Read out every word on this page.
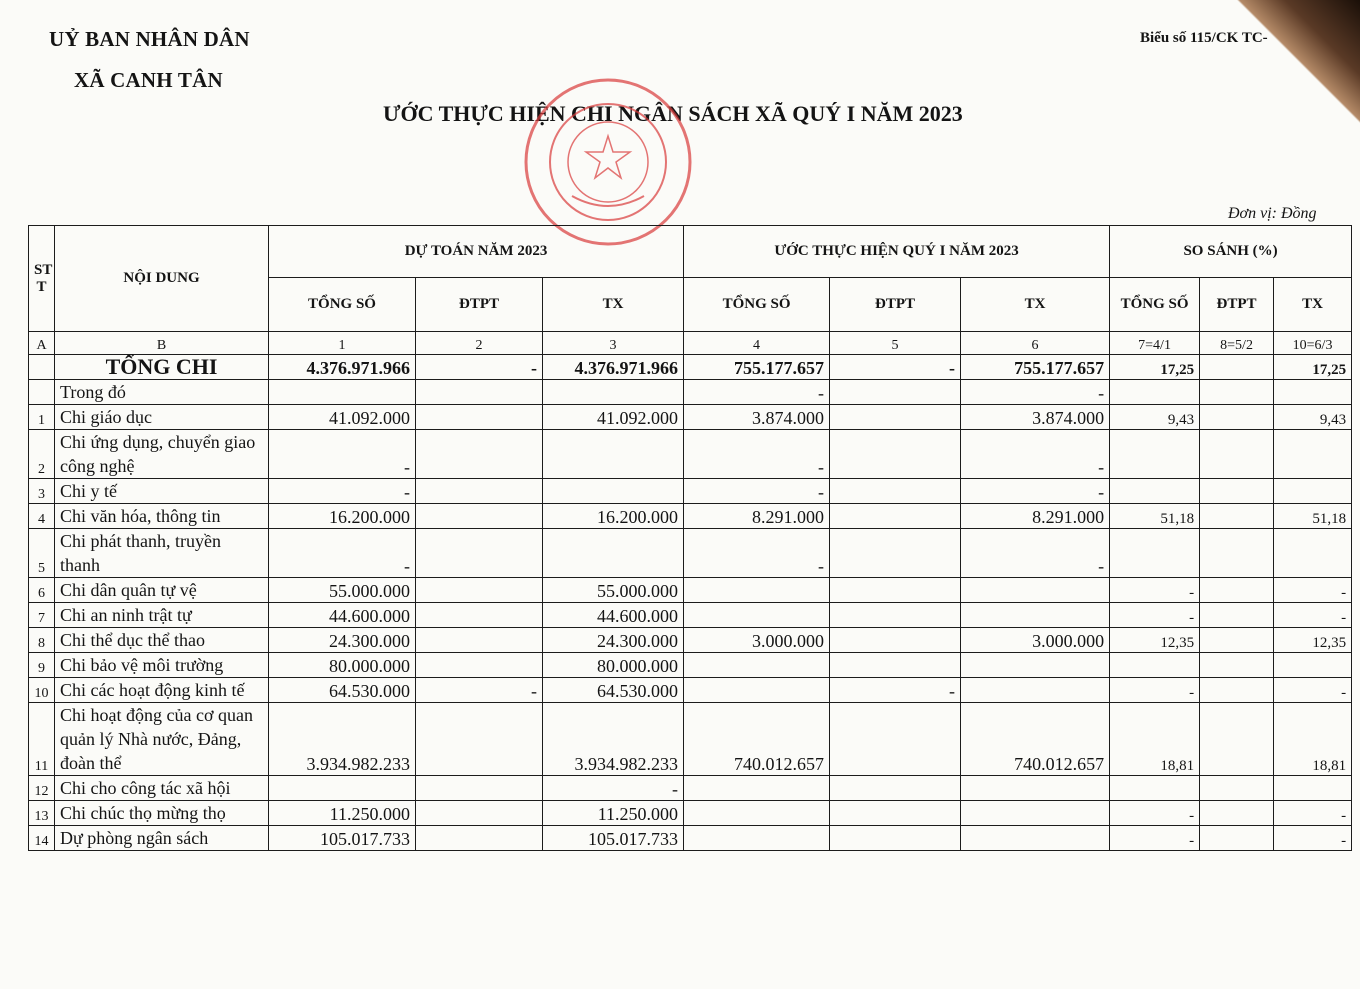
UỶ BAN NHÂN DÂN
XÃ CANH TÂN
Biểu số 115/CK TC-
ƯỚC THỰC HIỆN CHI NGÂN SÁCH XÃ QUÝ I NĂM 2023
Đơn vị: Đồng
ST T	NỘI DUNG	DỰ TOÁN NĂM 2023			ƯỚC THỰC HIỆN QUÝ I NĂM 2023			SO SÁNH (%)		
		TỔNG SỐ	ĐTPT	TX	TỔNG SỐ	ĐTPT	TX	TỔNG SỐ	ĐTPT	TX
A	B	1	2	3	4	5	6	7=4/1	8=5/2	10=6/3
	TỔNG CHI	4.376.971.966	-	4.376.971.966	755.177.657	-	755.177.657	17,25		17,25
	Trong đó				-		-			
1	Chi giáo dục	41.092.000		41.092.000	3.874.000		3.874.000	9,43		9,43
2	Chi ứng dụng, chuyển giao công nghệ	-			-		-			
3	Chi y tế	-			-		-			
4	Chi văn hóa, thông tin	16.200.000		16.200.000	8.291.000		8.291.000	51,18		51,18
5	Chi phát thanh, truyền thanh	-			-		-			
6	Chi dân quân tự vệ	55.000.000		55.000.000				-		-
7	Chi an ninh trật tự	44.600.000		44.600.000				-		-
8	Chi thể dục thể thao	24.300.000		24.300.000	3.000.000		3.000.000	12,35		12,35
9	Chi bảo vệ môi trường	80.000.000		80.000.000						
10	Chi các hoạt động kinh tế	64.530.000	-	64.530.000		-		-		-
11	Chi hoạt động của cơ quan quản lý Nhà nước, Đảng, đoàn thể	3.934.982.233		3.934.982.233	740.012.657		740.012.657	18,81		18,81
12	Chi cho công tác xã hội			-						
13	Chi chúc thọ mừng thọ	11.250.000		11.250.000				-		-
14	Dự phòng ngân sách	105.017.733		105.017.733				-		-
